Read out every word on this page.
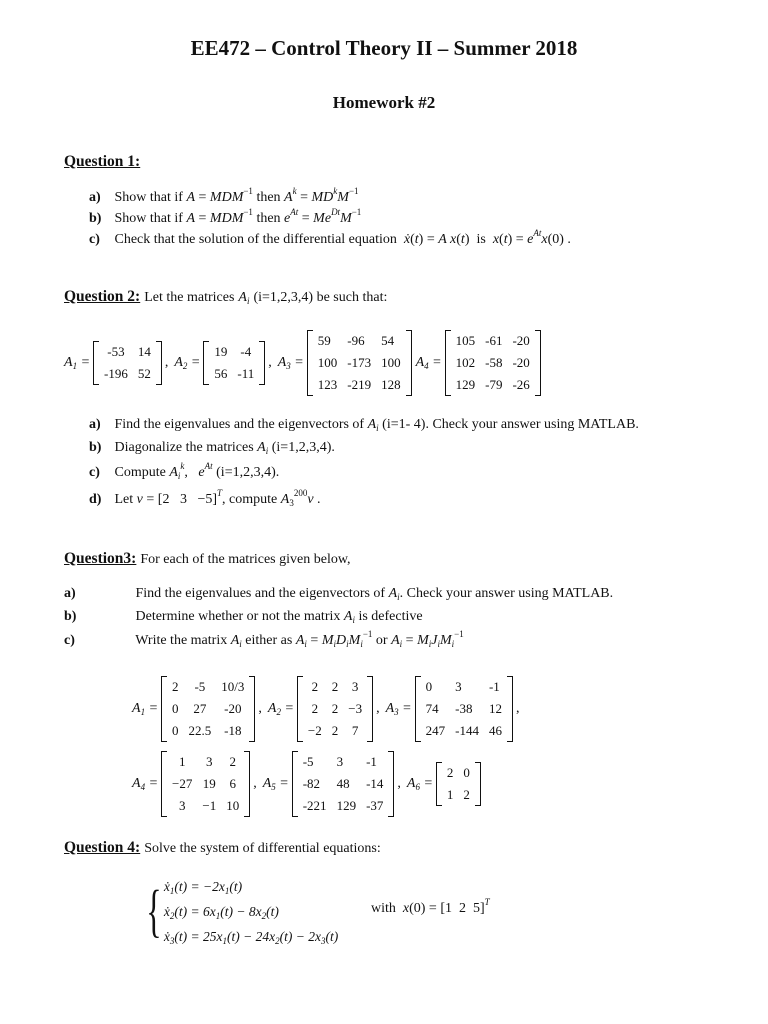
EE472 – Control Theory II – Summer 2018
Homework #2
Question 1:
a) Show that if $A = MDM^{-1}$ then $A^k = MD^kM^{-1}$
b) Show that if $A = MDM^{-1}$ then $e^{At} = Me^{Dt}M^{-1}$
c) Check that the solution of the differential equation ẋ(t) = A x(t)  is $x(t) = e^{At}x(0)$ .
Question 2: Let the matrices $A_i$ (i=1,2,3,4) be such that:
$A_1$ =
-53	14
-196	52
, $A_2$ =
19	-4
56	-11
, $A_3$ =
59	-96	54
100	-173	100
123	-219	128
$A_4$ =
105	-61	-20
102	-58	-20
129	-79	-26
a) Find the eigenvalues and the eigenvectors of $A_i$ (i=1- 4). Check your answer using MATLAB.
b) Diagonalize the matrices $A_i$ (i=1,2,3,4).
c) Compute $A_i^k$,   $e^{At}$ (i=1,2,3,4).
d) Let v = [2 3 −5]$^T$, compute $A_3^{200}v$ .
Question3: For each of the matrices given below,
a)	Find the eigenvalues and the eigenvectors of $A_i$. Check your answer using MATLAB.
b)	Determine whether or not the matrix $A_i$ is defective
c)	Write the matrix $A_i$ either as $A_i = M_iD_iM_i^{-1}$ or $A_i = M_iJ_iM_i^{-1}$
$A_1$ =
2	-5	10/3
0	27	-20
0	22.5	-18
, $A_2$ =
2	2	3
2	2	−3
−2	2	7
, $A_3$ =
0	3	-1
74	-38	12
247	-144	46
,
$A_4$ =
1	3	2
−27	19	6
3	−1	10
, $A_5$ =
-5	3	-1
-82	48	-14
-221	129	-37
, $A_6$ =
2	0
1	2
Question 4: Solve the system of differential equations:
{ ẋ$_1$(t) = $-2x_1(t)$
ẋ$_2$(t) = $6x_1(t) - 8x_2(t)$
ẋ$_3$(t) = $25x_1(t) - 24x_2(t) - 2x_3(t)$
with x(0) = [1 2 5]$^T$
